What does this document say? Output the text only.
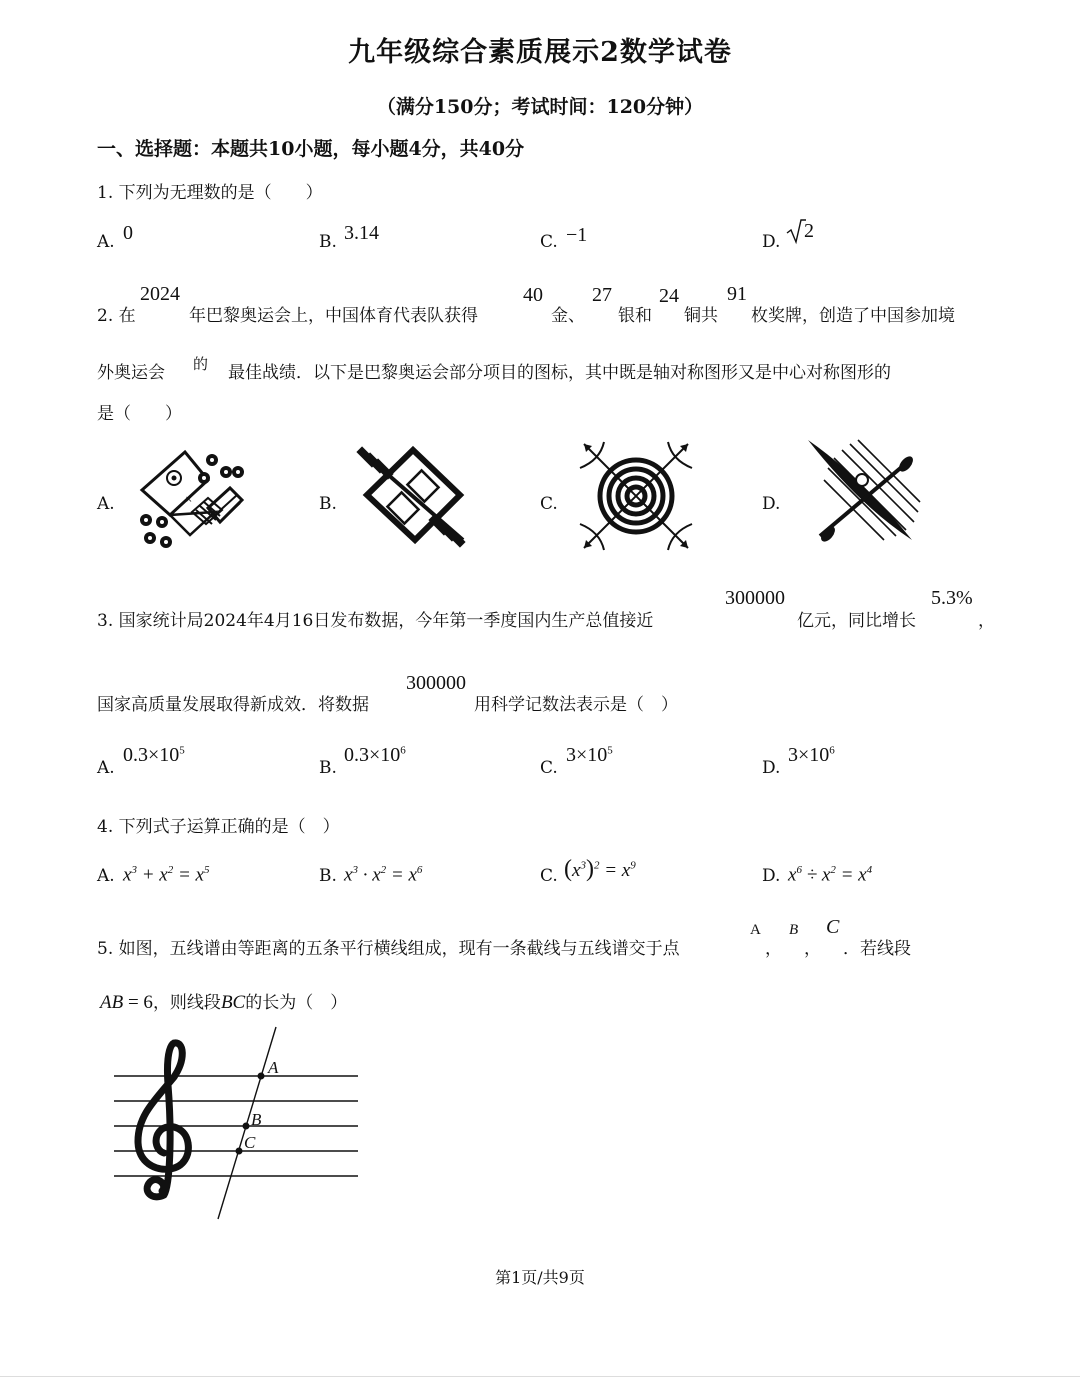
九年级综合素质展示2数学试卷
（满分150分；考试时间：120分钟）
一、选择题：本题共10小题，每小题4分，共40分
1. 下列为无理数的是（　　）
A. 0	B. 3.14	C. −1	D. 2
2. 在
2024
年巴黎奥运会上，中国体育代表队获得
40
金、
27
银和
24
铜共
91
枚奖牌，创造了中国参加境
外奥运会 的 最佳战绩．以下是巴黎奥运会部分项目的图标，其中既是轴对称图形又是中心对称图形的
是（　　）
A.	B.	C.	D.
×
3. 国家统计局2024年4月16日发布数据，今年第一季度国内生产总值接近
300000
亿元，同比增长
5.3%
，
国家高质量发展取得新成效．将数据
300000
用科学记数法表示是（　）
A.
$0.3\times 10^5$
B.
$0.3\times 10^6$
C.
$3\times 10^5$
D.
$3\times 10^6$
4. 下列式子运算正确的是（　）
A. $x^3 + x^2 = x^5$	B. $x^3 \cdot x^2 = x^6$	C. $(x^3)^2 = x^9$
D. $x^6 \div x^2 = x^4$
5. 如图，五线谱由等距离的五条平行横线组成，现有一条截线与五线谱交于点
A
，
B
，
C
．若线段
AB = 6，则线段BC的长为（　）
A
B
C
第1页/共9页
